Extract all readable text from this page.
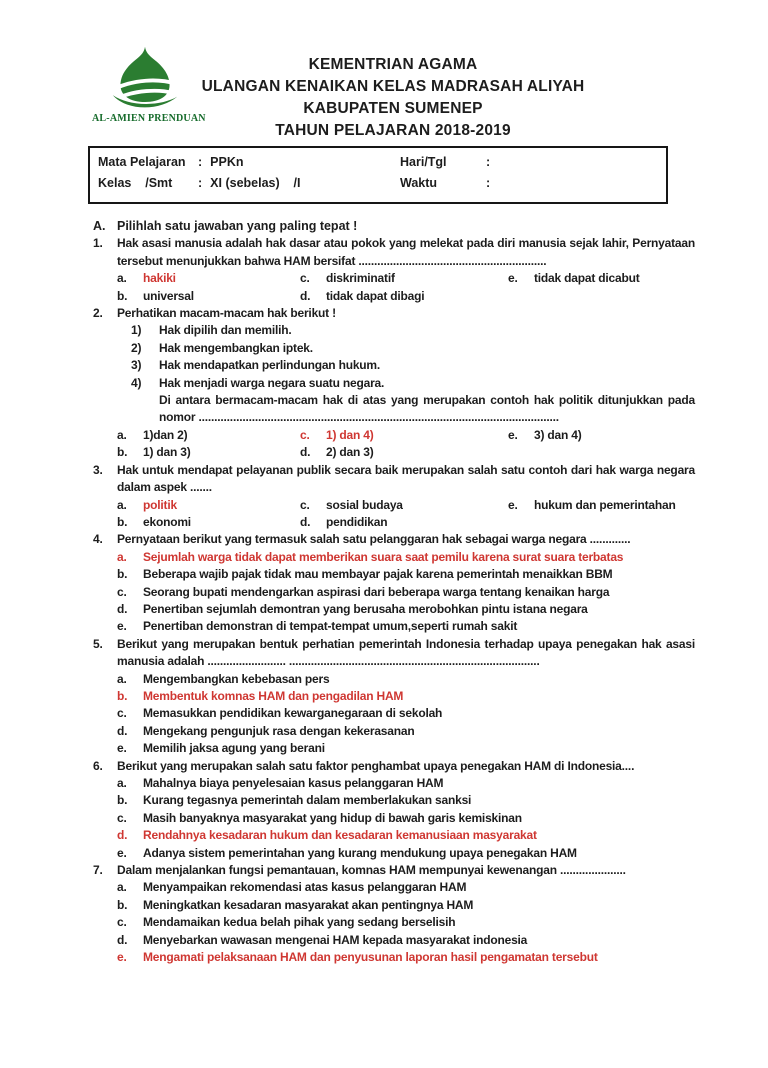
AL-AMIEN PRENDUAN
KEMENTRIAN AGAMA
ULANGAN KENAIKAN KELAS MADRASAH ALIYAH
KABUPATEN SUMENEP
TAHUN PELAJARAN 2018-2019
Mata Pelajaran : PPKn	Hari/Tgl	:
Kelas    /Smt	: XI (sebelas)    /I	Waktu	:
A. Pilihlah satu jawaban yang paling tepat !
1.	Hak asasi manusia adalah hak dasar atau pokok yang melekat pada diri manusia sejak lahir, Pernyataan tersebut menunjukkan bahwa HAM bersifat ............................................................
a.	hakiki	c.	diskriminatif	e.	tidak dapat dicabut
b.	universal	d.	tidak dapat dibagi
2.	Perhatikan macam-macam hak berikut !
1)	Hak dipilih dan memilih.
2)	Hak mengembangkan iptek.
3)	Hak mendapatkan perlindungan hukum.
4)	Hak menjadi warga negara suatu negara.
Di antara bermacam-macam hak di atas yang merupakan contoh hak politik ditunjukkan pada nomor ...................................................................................................................
a.	1)dan 2)	c.	1) dan 4)	e.	3) dan 4)
b.	1) dan 3)	d.	2) dan 3)
3.	Hak untuk mendapat pelayanan publik secara baik merupakan salah satu contoh dari hak warga negara dalam aspek .......
a.	politik	c.	sosial budaya	e.	hukum dan pemerintahan
b.	ekonomi	d.	pendidikan
4.	Pernyataan berikut yang termasuk salah satu pelanggaran hak sebagai warga negara .............
a.	Sejumlah warga tidak dapat memberikan suara saat pemilu karena surat suara terbatas
b.	Beberapa wajib pajak tidak mau membayar pajak karena pemerintah menaikkan BBM
c.	Seorang bupati mendengarkan aspirasi dari beberapa warga tentang kenaikan harga
d.	Penertiban sejumlah demontran yang berusaha merobohkan pintu istana negara
e.	Penertiban demonstran di tempat-tempat umum,seperti rumah sakit
5.	Berikut yang merupakan bentuk perhatian pemerintah Indonesia terhadap upaya penegakan hak asasi manusia adalah ......................... ................................................................................
a.	Mengembangkan kebebasan pers
b.	Membentuk komnas HAM dan pengadilan HAM
c.	Memasukkan pendidikan kewarganegaraan di sekolah
d.	Mengekang pengunjuk rasa dengan kekerasanan
e.	Memilih jaksa agung yang berani
6.	Berikut yang merupakan salah satu faktor penghambat upaya penegakan HAM di Indonesia....
a.	Mahalnya biaya penyelesaian kasus pelanggaran HAM
b.	Kurang tegasnya pemerintah dalam memberlakukan sanksi
c.	Masih banyaknya masyarakat yang hidup di bawah garis kemiskinan
d.	Rendahnya kesadaran hukum dan kesadaran kemanusiaan masyarakat
e.	Adanya sistem pemerintahan yang kurang mendukung upaya penegakan HAM
7.	Dalam menjalankan fungsi pemantauan, komnas HAM mempunyai kewenangan .....................
a.	Menyampaikan rekomendasi atas kasus pelanggaran HAM
b.	Meningkatkan kesadaran masyarakat akan pentingnya HAM
c.	Mendamaikan kedua belah pihak yang sedang berselisih
d.	Menyebarkan wawasan mengenai HAM kepada masyarakat indonesia
e.	Mengamati pelaksanaan HAM dan penyusunan laporan hasil pengamatan tersebut
